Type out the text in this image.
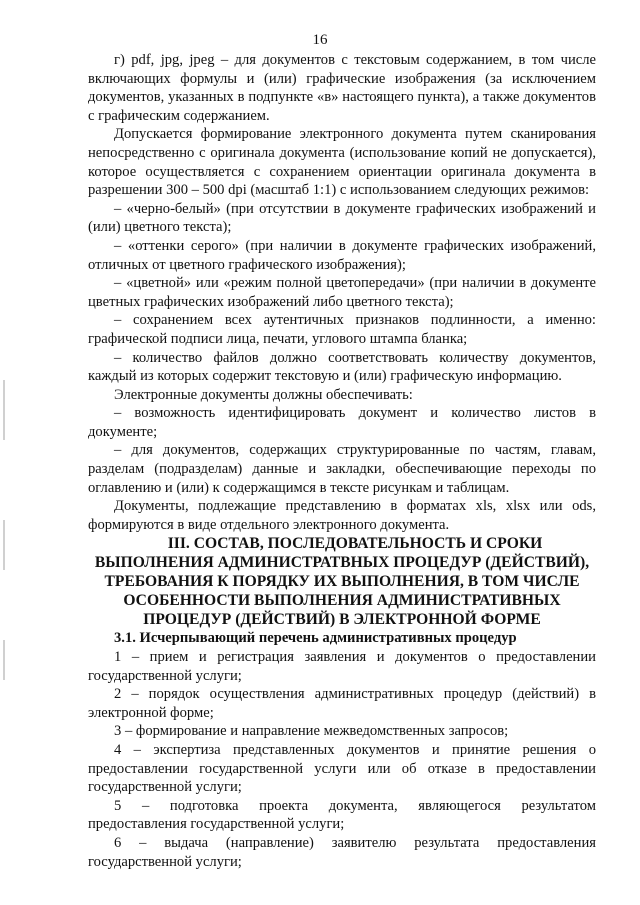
16

г) pdf, jpg, jpeg – для документов с текстовым содержанием, в том числе включающих формулы и (или) графические изображения (за исключением документов, указанных в подпункте «в» настоящего пункта), а также документов с графическим содержанием.

Допускается формирование электронного документа путем сканирования непосредственно с оригинала документа (использование копий не допускается), которое осуществляется с сохранением ориентации оригинала документа в разрешении 300 – 500 dpi (масштаб 1:1) с использованием следующих режимов:

– «черно-белый» (при отсутствии в документе графических изображений и (или) цветного текста);

– «оттенки серого» (при наличии в документе графических изображений, отличных от цветного графического изображения);

– «цветной» или «режим полной цветопередачи» (при наличии в документе цветных графических изображений либо цветного текста);

– сохранением всех аутентичных признаков подлинности, а именно: графической подписи лица, печати, углового штампа бланка;

– количество файлов должно соответствовать количеству документов, каждый из которых содержит текстовую и (или) графическую информацию.

Электронные документы должны обеспечивать:

– возможность идентифицировать документ и количество листов в документе;

– для документов, содержащих структурированные по частям, главам, разделам (подразделам) данные и закладки, обеспечивающие переходы по оглавлению и (или) к содержащимся в тексте рисункам и таблицам.

Документы, подлежащие представлению в форматах xls, xlsx или ods, формируются в виде отдельного электронного документа.

III. СОСТАВ, ПОСЛЕДОВАТЕЛЬНОСТЬ И СРОКИ ВЫПОЛНЕНИЯ АДМИНИСТРАТВНЫХ ПРОЦЕДУР (ДЕЙСТВИЙ), ТРЕБОВАНИЯ К ПОРЯДКУ ИХ ВЫПОЛНЕНИЯ, В ТОМ ЧИСЛЕ ОСОБЕННОСТИ ВЫПОЛНЕНИЯ АДМИНИСТРАТИВНЫХ ПРОЦЕДУР (ДЕЙСТВИЙ) В ЭЛЕКТРОННОЙ ФОРМЕ

3.1. Исчерпывающий перечень административных процедур

1 – прием и регистрация заявления и документов о предоставлении государственной услуги;

2 – порядок осуществления административных процедур (действий) в электронной форме;

3 – формирование и направление межведомственных запросов;

4 – экспертиза представленных документов и принятие решения о предоставлении государственной услуги или об отказе в предоставлении государственной услуги;

5 – подготовка проекта документа, являющегося результатом предоставления государственной услуги;

6 – выдача (направление) заявителю результата предоставления государственной услуги;
